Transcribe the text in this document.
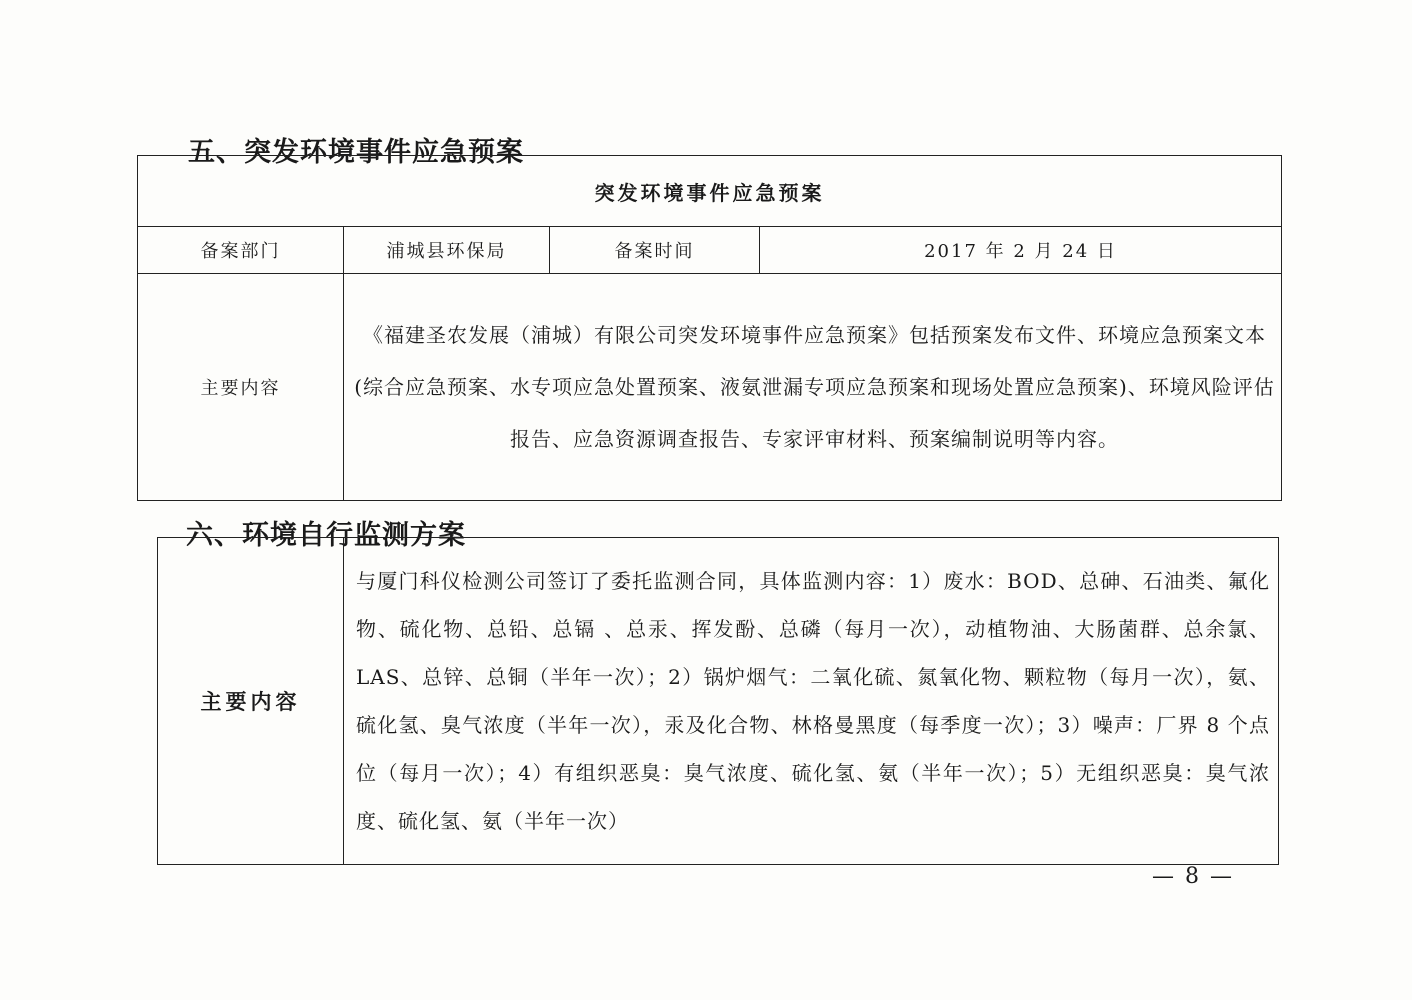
五、突发环境事件应急预案
突发环境事件应急预案			
备案部门	浦城县环保局	备案时间	2017 年 2 月 24 日
主要内容	《福建圣农发展（浦城）有限公司突发环境事件应急预案》包括预案发布文件、环境应急预案文本(综合应急预案、水专项应急处置预案、液氨泄漏专项应急预案和现场处置应急预案)、环境风险评估报告、应急资源调查报告、专家评审材料、预案编制说明等内容。		
六、环境自行监测方案
主要内容	与厦门科仪检测公司签订了委托监测合同，具体监测内容：1）废水：BOD、总砷、石油类、氟化物、硫化物、总铅、总镉 、总汞、挥发酚、总磷（每月一次），动植物油、大肠菌群、总余氯、LAS、总锌、总铜（半年一次）；2）锅炉烟气：二氧化硫、氮氧化物、颗粒物（每月一次），氨、硫化氢、臭气浓度（半年一次），汞及化合物、林格曼黑度（每季度一次）；3）噪声：厂界 8 个点位（每月一次）；4）有组织恶臭：臭气浓度、硫化氢、氨（半年一次）；5）无组织恶臭：臭气浓度、硫化氢、氨（半年一次）
— 8 —
